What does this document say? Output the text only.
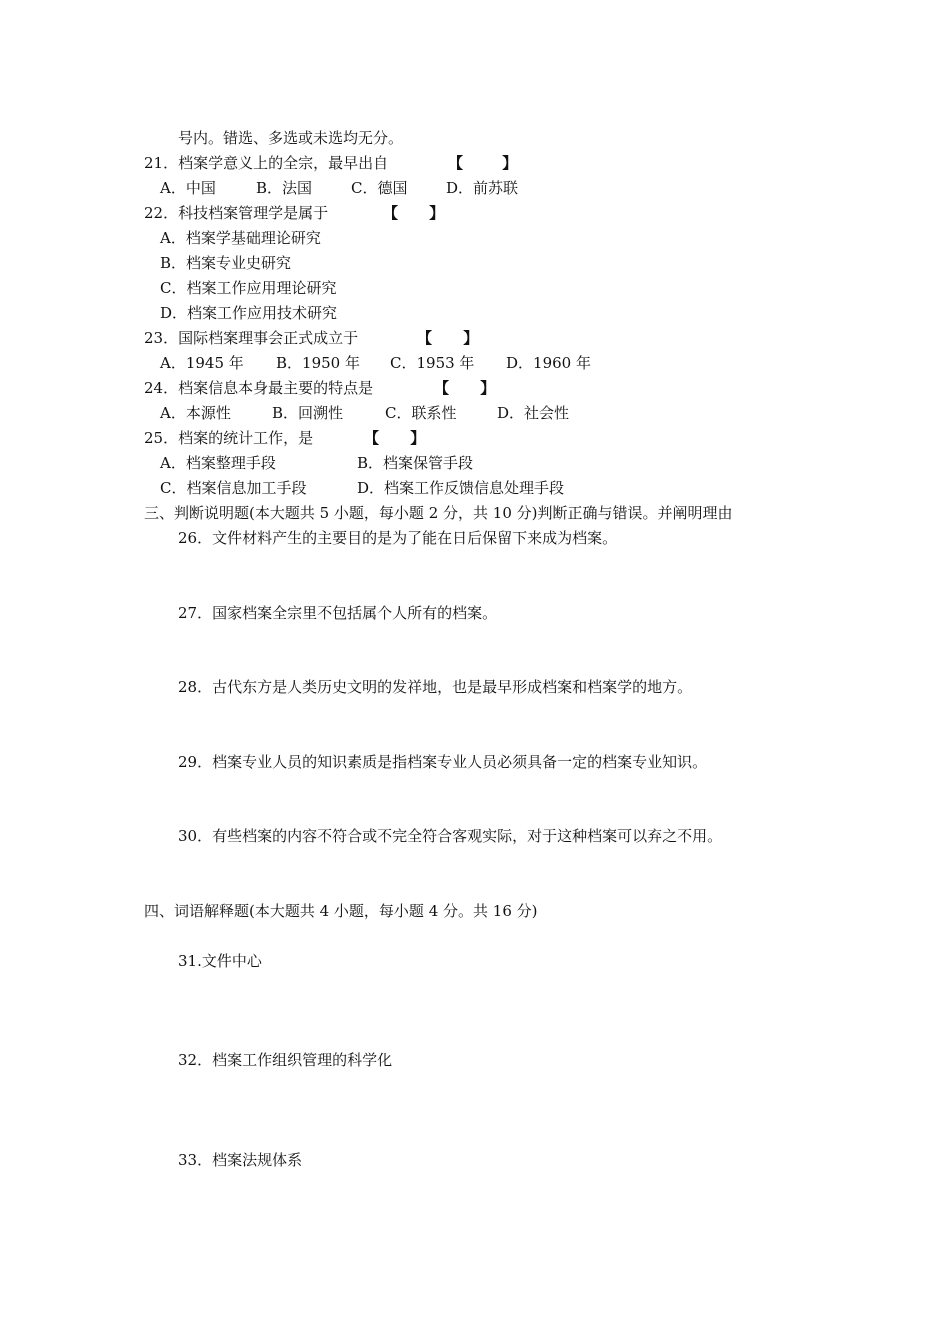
号内。错选、多选或未选均无分。
21．档案学意义上的全宗，最早出自	【 】
A．中国	B．法国	C．德国	D．前苏联
22．科技档案管理学是属于	【 】
A．档案学基础理论研究
B．档案专业史研究
C．档案工作应用理论研究
D．档案工作应用技术研究
23．国际档案理事会正式成立于	【 】
A．1945 年 B．1950 年 C．1953 年 D．1960 年
24．档案信息本身最主要的特点是	【 】
A．本源性	B．回溯性	C．联系性	D．社会性
25．档案的统计工作，是	【 】
A．档案整理手段	B．档案保管手段
C．档案信息加工手段	D．档案工作反馈信息处理手段
三、判断说明题(本大题共 5 小题，每小题 2 分，共 10 分)判断正确与错误。并阐明理由
26．文件材料产生的主要目的是为了能在日后保留下来成为档案。
27．国家档案全宗里不包括属个人所有的档案。
28．古代东方是人类历史文明的发祥地，也是最早形成档案和档案学的地方。
29．档案专业人员的知识素质是指档案专业人员必须具备一定的档案专业知识。
30．有些档案的内容不符合或不完全符合客观实际，对于这种档案可以弃之不用。
四、词语解释题(本大题共 4 小题，每小题 4 分。共 16 分)
31.文件中心
32．档案工作组织管理的科学化
33．档案法规体系
